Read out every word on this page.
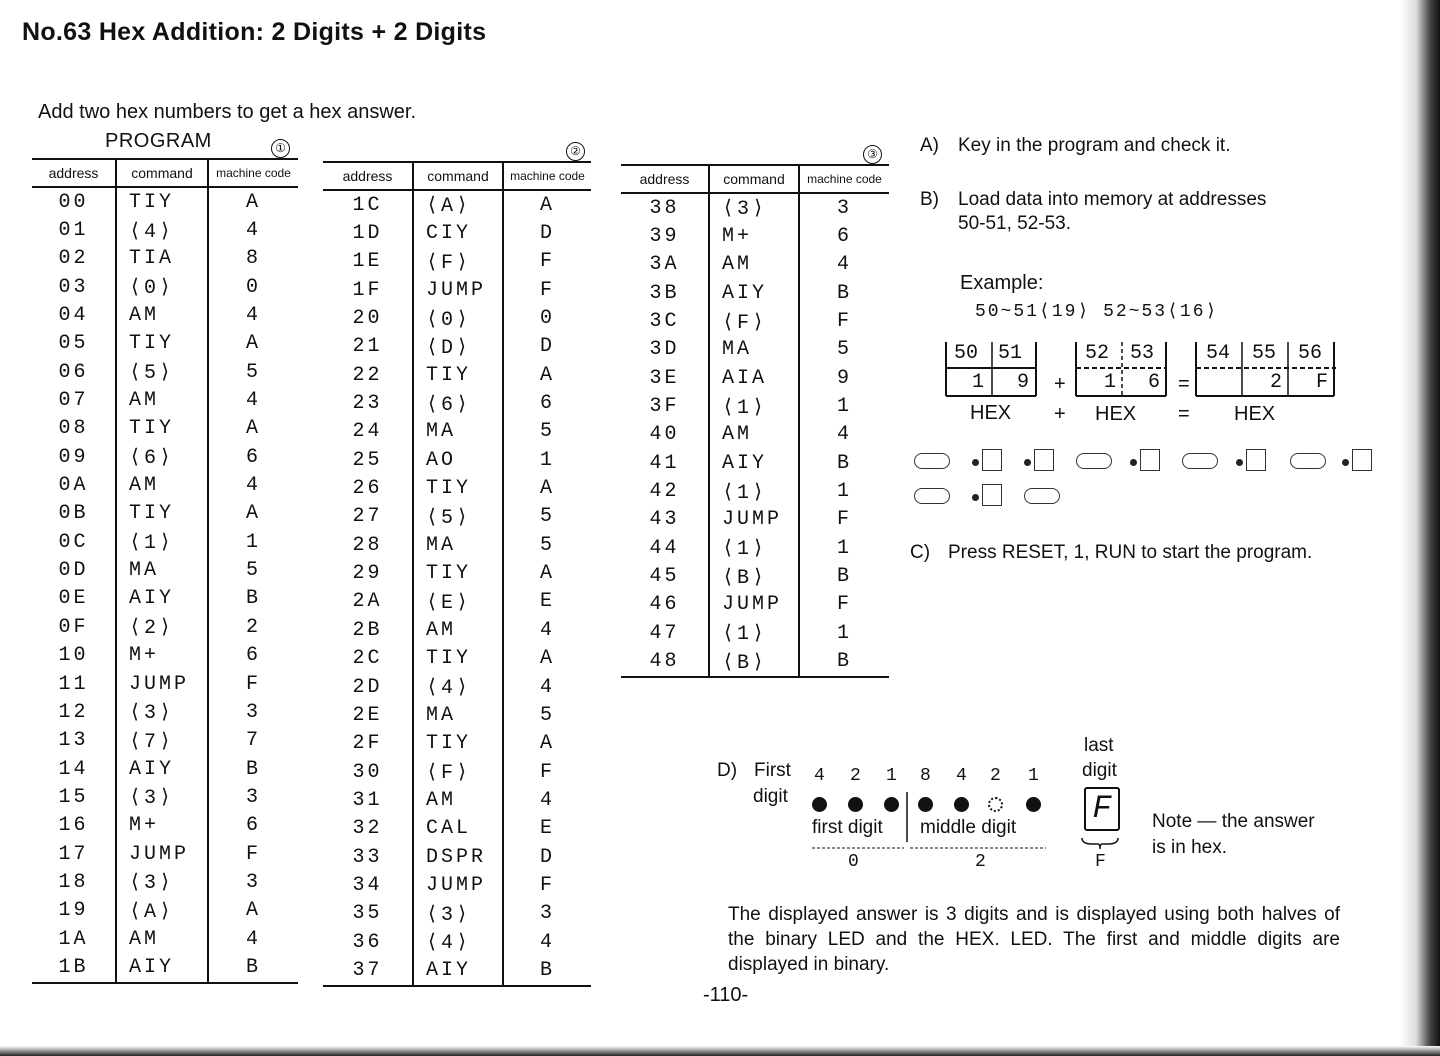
No.63 Hex Addition: 2 Digits + 2 Digits
Add two hex numbers to get a hex answer.
PROGRAM	①	②	③
address	command	machine code
00	TIY	A
01	⟨4⟩	4
02	TIA	8
03	⟨0⟩	0
04	AM	4
05	TIY	A
06	⟨5⟩	5
07	AM	4
08	TIY	A
09	⟨6⟩	6
0A	AM	4
0B	TIY	A
0C	⟨1⟩	1
0D	MA	5
0E	AIY	B
0F	⟨2⟩	2
10	M+	6
11	JUMP	F
12	⟨3⟩	3
13	⟨7⟩	7
14	AIY	B
15	⟨3⟩	3
16	M+	6
17	JUMP	F
18	⟨3⟩	3
19	⟨A⟩	A
1A	AM	4
1B	AIY	B
address	command	machine code
1C	⟨A⟩	A
1D	CIY	D
1E	⟨F⟩	F
1F	JUMP	F
20	⟨0⟩	0
21	⟨D⟩	D
22	TIY	A
23	⟨6⟩	6
24	MA	5
25	AO	1
26	TIY	A
27	⟨5⟩	5
28	MA	5
29	TIY	A
2A	⟨E⟩	E
2B	AM	4
2C	TIY	A
2D	⟨4⟩	4
2E	MA	5
2F	TIY	A
30	⟨F⟩	F
31	AM	4
32	CAL	E
33	DSPR	D
34	JUMP	F
35	⟨3⟩	3
36	⟨4⟩	4
37	AIY	B
address	command	machine code
38	⟨3⟩	3
39	M+	6
3A	AM	4
3B	AIY	B
3C	⟨F⟩	F
3D	MA	5
3E	AIA	9
3F	⟨1⟩	1
40	AM	4
41	AIY	B
42	⟨1⟩	1
43	JUMP	F
44	⟨1⟩	1
45	⟨B⟩	B
46	JUMP	F
47	⟨1⟩	1
48	⟨B⟩	B
A) Key in the program and check it.
B) Load data into memory at addresses
50-51, 52-53.
Example:
50~51⟨19⟩ 52~53⟨16⟩
50 51
1 9
52 53
1 6
54 55 56
2 F
+	=
HEX + HEX = HEX
C) Press RESET, 1, RUN to start the program.
D) First
digit
4 2 1 8 4 2 1
first digit middle digit
0	2
last
digit
F
F
Note — the answer
is in hex.
The displayed answer is 3 digits and is displayed using both halves of the binary LED and the HEX. LED. The first and middle digits are displayed in binary.
-110-
